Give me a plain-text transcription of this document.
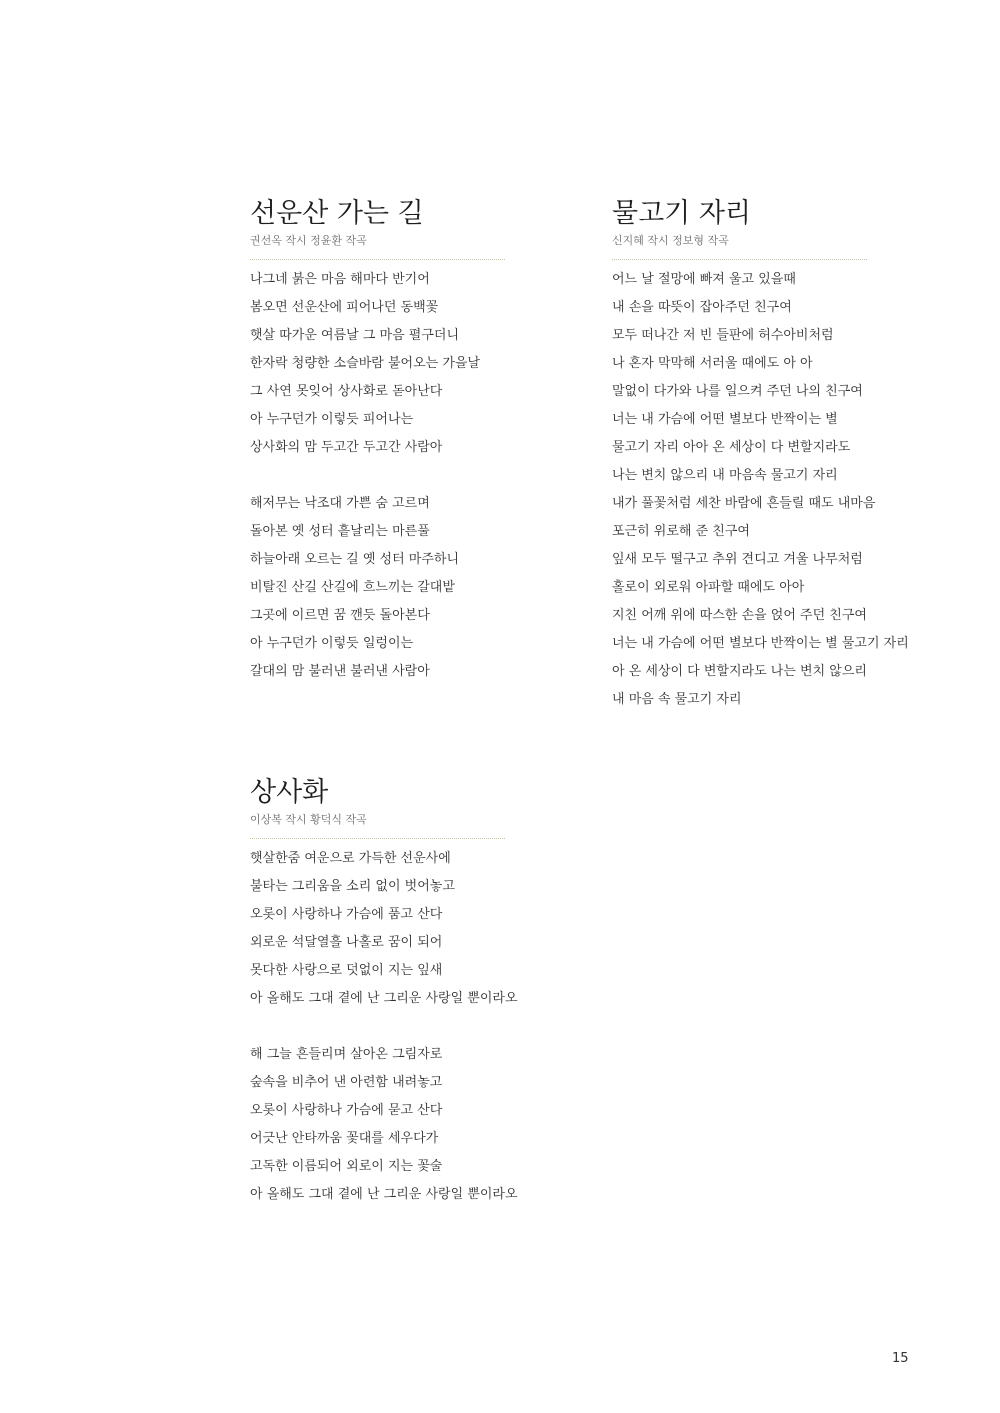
선운산 가는 길
권선옥 작시 정윤환 작곡
나그네 붉은 마음 해마다 반기어
봄오면 선운산에 피어나던 동백꽃
햇살 따가운 여름날 그 마음 펼구더니
한자락 청량한 소슬바람 불어오는 가을날
그 사연 못잊어 상사화로 돋아난다
아 누구던가 이렇듯 피어나는
상사화의 맘 두고간 두고간 사람아
해저무는 낙조대 가쁜 숨 고르며
돌아본 옛 성터 흩날리는 마른풀
하늘아래 오르는 길 옛 성터 마주하니
비탈진 산길 산길에 흐느끼는 갈대밭
그곳에 이르면 꿈 깬듯 돌아본다
아 누구던가 이렇듯 일렁이는
갈대의 맘 불러낸 불러낸 사람아
물고기 자리
신지혜 작시 정보형 작곡
어느 날 절망에 빠져 울고 있을때
내 손을 따뜻이 잡아주던 친구여
모두 떠나간 저 빈 들판에 허수아비처럼
나 혼자 막막해 서러울 때에도 아 아
말없이 다가와 나를 일으켜 주던 나의 친구여
너는 내 가슴에 어떤 별보다 반짝이는 별
물고기 자리 아아 온 세상이 다 변할지라도
나는 변치 않으리 내 마음속 물고기 자리
내가 풀꽃처럼 세찬 바람에 흔들릴 때도 내마음
포근히 위로해 준 친구여
잎새 모두 떨구고 추위 견디고 겨울 나무처럼
홀로이 외로워 아파할 때에도 아아
지친 어깨 위에 따스한 손을 얹어 주던 친구여
너는 내 가슴에 어떤 별보다 반짝이는 별 물고기 자리
아 온 세상이 다 변할지라도 나는 변치 않으리
내 마음 속 물고기 자리
상사화
이상복 작시 황덕식 작곡
햇살한줌 여운으로 가득한 선운사에
불타는 그리움을 소리 없이 벗어놓고
오롯이 사랑하나 가슴에 품고 산다
외로운 석달열흘 나홀로 꿈이 되어
못다한 사랑으로 덧없이 지는 잎새
아 올해도 그대 곁에 난 그리운 사랑일 뿐이라오
해 그늘 흔들리며 살아온 그림자로
숲속을 비추어 낸 아련함 내려놓고
오롯이 사랑하나 가슴에 묻고 산다
어긋난 안타까움 꽃대를 세우다가
고독한 이름되어 외로이 지는 꽃술
아 올해도 그대 곁에 난 그리운 사랑일 뿐이라오
15
